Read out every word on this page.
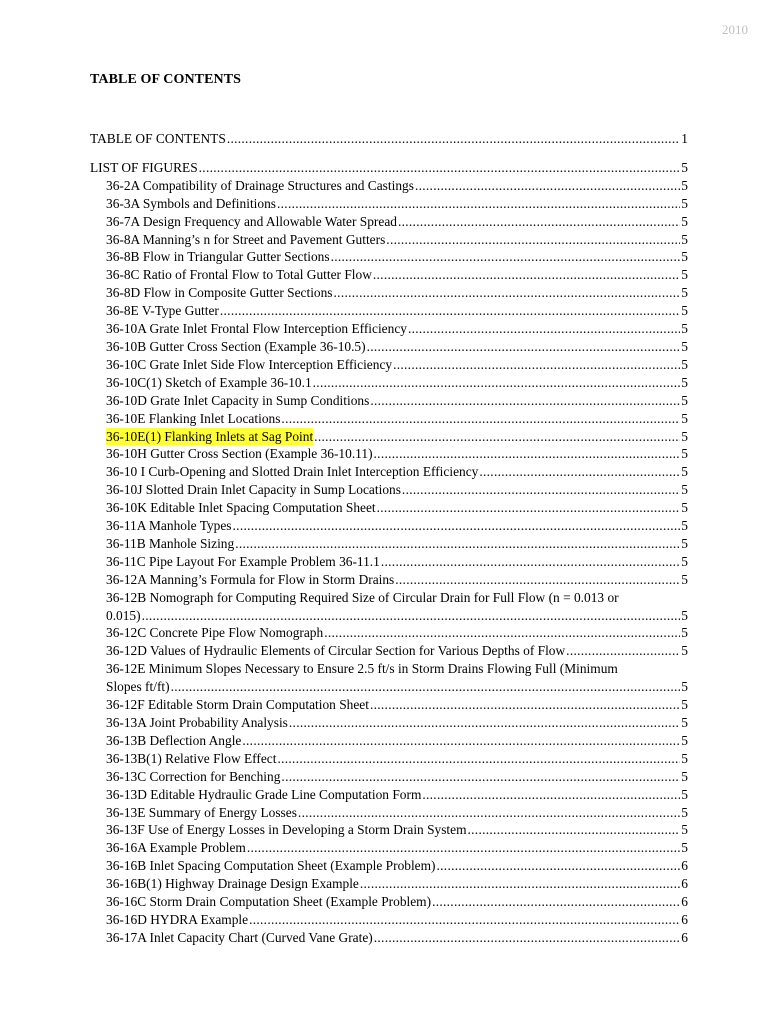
2010
TABLE OF CONTENTS
TABLE OF CONTENTS .....	1
LIST OF FIGURES .....	5
36-2A Compatibility of Drainage Structures and Castings .....	5
36-3A Symbols and Definitions .....	5
36-7A Design Frequency and Allowable Water Spread .....	5
36-8A Manning’s n for Street and Pavement Gutters .....	5
36-8B Flow in Triangular Gutter Sections .....	5
36-8C Ratio of Frontal Flow to Total Gutter Flow .....	5
36-8D Flow in Composite Gutter Sections .....	5
36-8E V-Type Gutter .....	5
36-10A Grate Inlet Frontal Flow Interception Efficiency .....	5
36-10B Gutter Cross Section (Example 36-10.5) .....	5
36-10C Grate Inlet Side Flow Interception Efficiency .....	5
36-10C(1) Sketch of Example 36-10.1 .....	5
36-10D Grate Inlet Capacity in Sump Conditions .....	5
36-10E Flanking Inlet Locations .....	5
36-10E(1) Flanking Inlets at Sag Point .....	5
36-10H Gutter Cross Section (Example 36-10.11) .....	5
36-10 I Curb-Opening and Slotted Drain Inlet Interception Efficiency .....	5
36-10J Slotted Drain Inlet Capacity in Sump Locations .....	5
36-10K Editable Inlet Spacing Computation Sheet .....	5
36-11A Manhole Types .....	5
36-11B Manhole Sizing .....	5
36-11C Pipe Layout For Example Problem 36-11.1 .....	5
36-12A Manning’s Formula for Flow in Storm Drains .....	5
36-12B Nomograph for Computing Required Size of Circular Drain for Full Flow (n = 0.013 or
0.015) .....	5
36-12C Concrete Pipe Flow Nomograph .....	5
36-12D Values of Hydraulic Elements of Circular Section for Various Depths of Flow .....	5
36-12E Minimum Slopes Necessary to Ensure 2.5 ft/s in Storm Drains Flowing Full (Minimum
Slopes ft/ft) .....	5
36-12F Editable Storm Drain Computation Sheet .....	5
36-13A Joint Probability Analysis .....	5
36-13B Deflection Angle .....	5
36-13B(1) Relative Flow Effect .....	5
36-13C Correction for Benching .....	5
36-13D Editable Hydraulic Grade Line Computation Form .....	5
36-13E Summary of Energy Losses .....	5
36-13F Use of Energy Losses in Developing a Storm Drain System .....	5
36-16A Example Problem .....	5
36-16B Inlet Spacing Computation Sheet (Example Problem) .....	6
36-16B(1) Highway Drainage Design Example .....	6
36-16C Storm Drain Computation Sheet (Example Problem) .....	6
36-16D HYDRA Example .....	6
36-17A Inlet Capacity Chart (Curved Vane Grate) .....	6
